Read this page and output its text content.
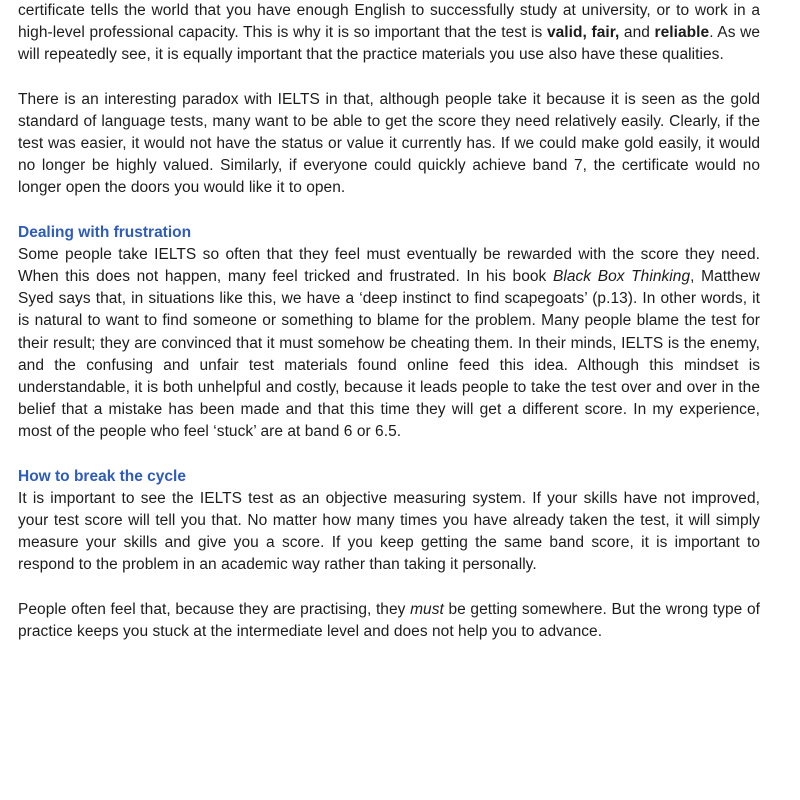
certificate tells the world that you have enough English to successfully study at university, or to work in a high-level professional capacity. This is why it is so important that the test is valid, fair, and reliable. As we will repeatedly see, it is equally important that the practice materials you use also have these qualities.

There is an interesting paradox with IELTS in that, although people take it because it is seen as the gold standard of language tests, many want to be able to get the score they need relatively easily. Clearly, if the test was easier, it would not have the status or value it currently has. If we could make gold easily, it would no longer be highly valued. Similarly, if everyone could quickly achieve band 7, the certificate would no longer open the doors you would like it to open.

Dealing with frustration

Some people take IELTS so often that they feel must eventually be rewarded with the score they need. When this does not happen, many feel tricked and frustrated. In his book Black Box Thinking, Matthew Syed says that, in situations like this, we have a ‘deep instinct to find scapegoats’ (p.13). In other words, it is natural to want to find someone or something to blame for the problem. Many people blame the test for their result; they are convinced that it must somehow be cheating them. In their minds, IELTS is the enemy, and the confusing and unfair test materials found online feed this idea. Although this mindset is understandable, it is both unhelpful and costly, because it leads people to take the test over and over in the belief that a mistake has been made and that this time they will get a different score. In my experience, most of the people who feel ‘stuck’ are at band 6 or 6.5.

How to break the cycle

It is important to see the IELTS test as an objective measuring system. If your skills have not improved, your test score will tell you that. No matter how many times you have already taken the test, it will simply measure your skills and give you a score. If you keep getting the same band score, it is important to respond to the problem in an academic way rather than taking it personally.

People often feel that, because they are practising, they must be getting somewhere. But the wrong type of practice keeps you stuck at the intermediate level and does not help you to advance.
